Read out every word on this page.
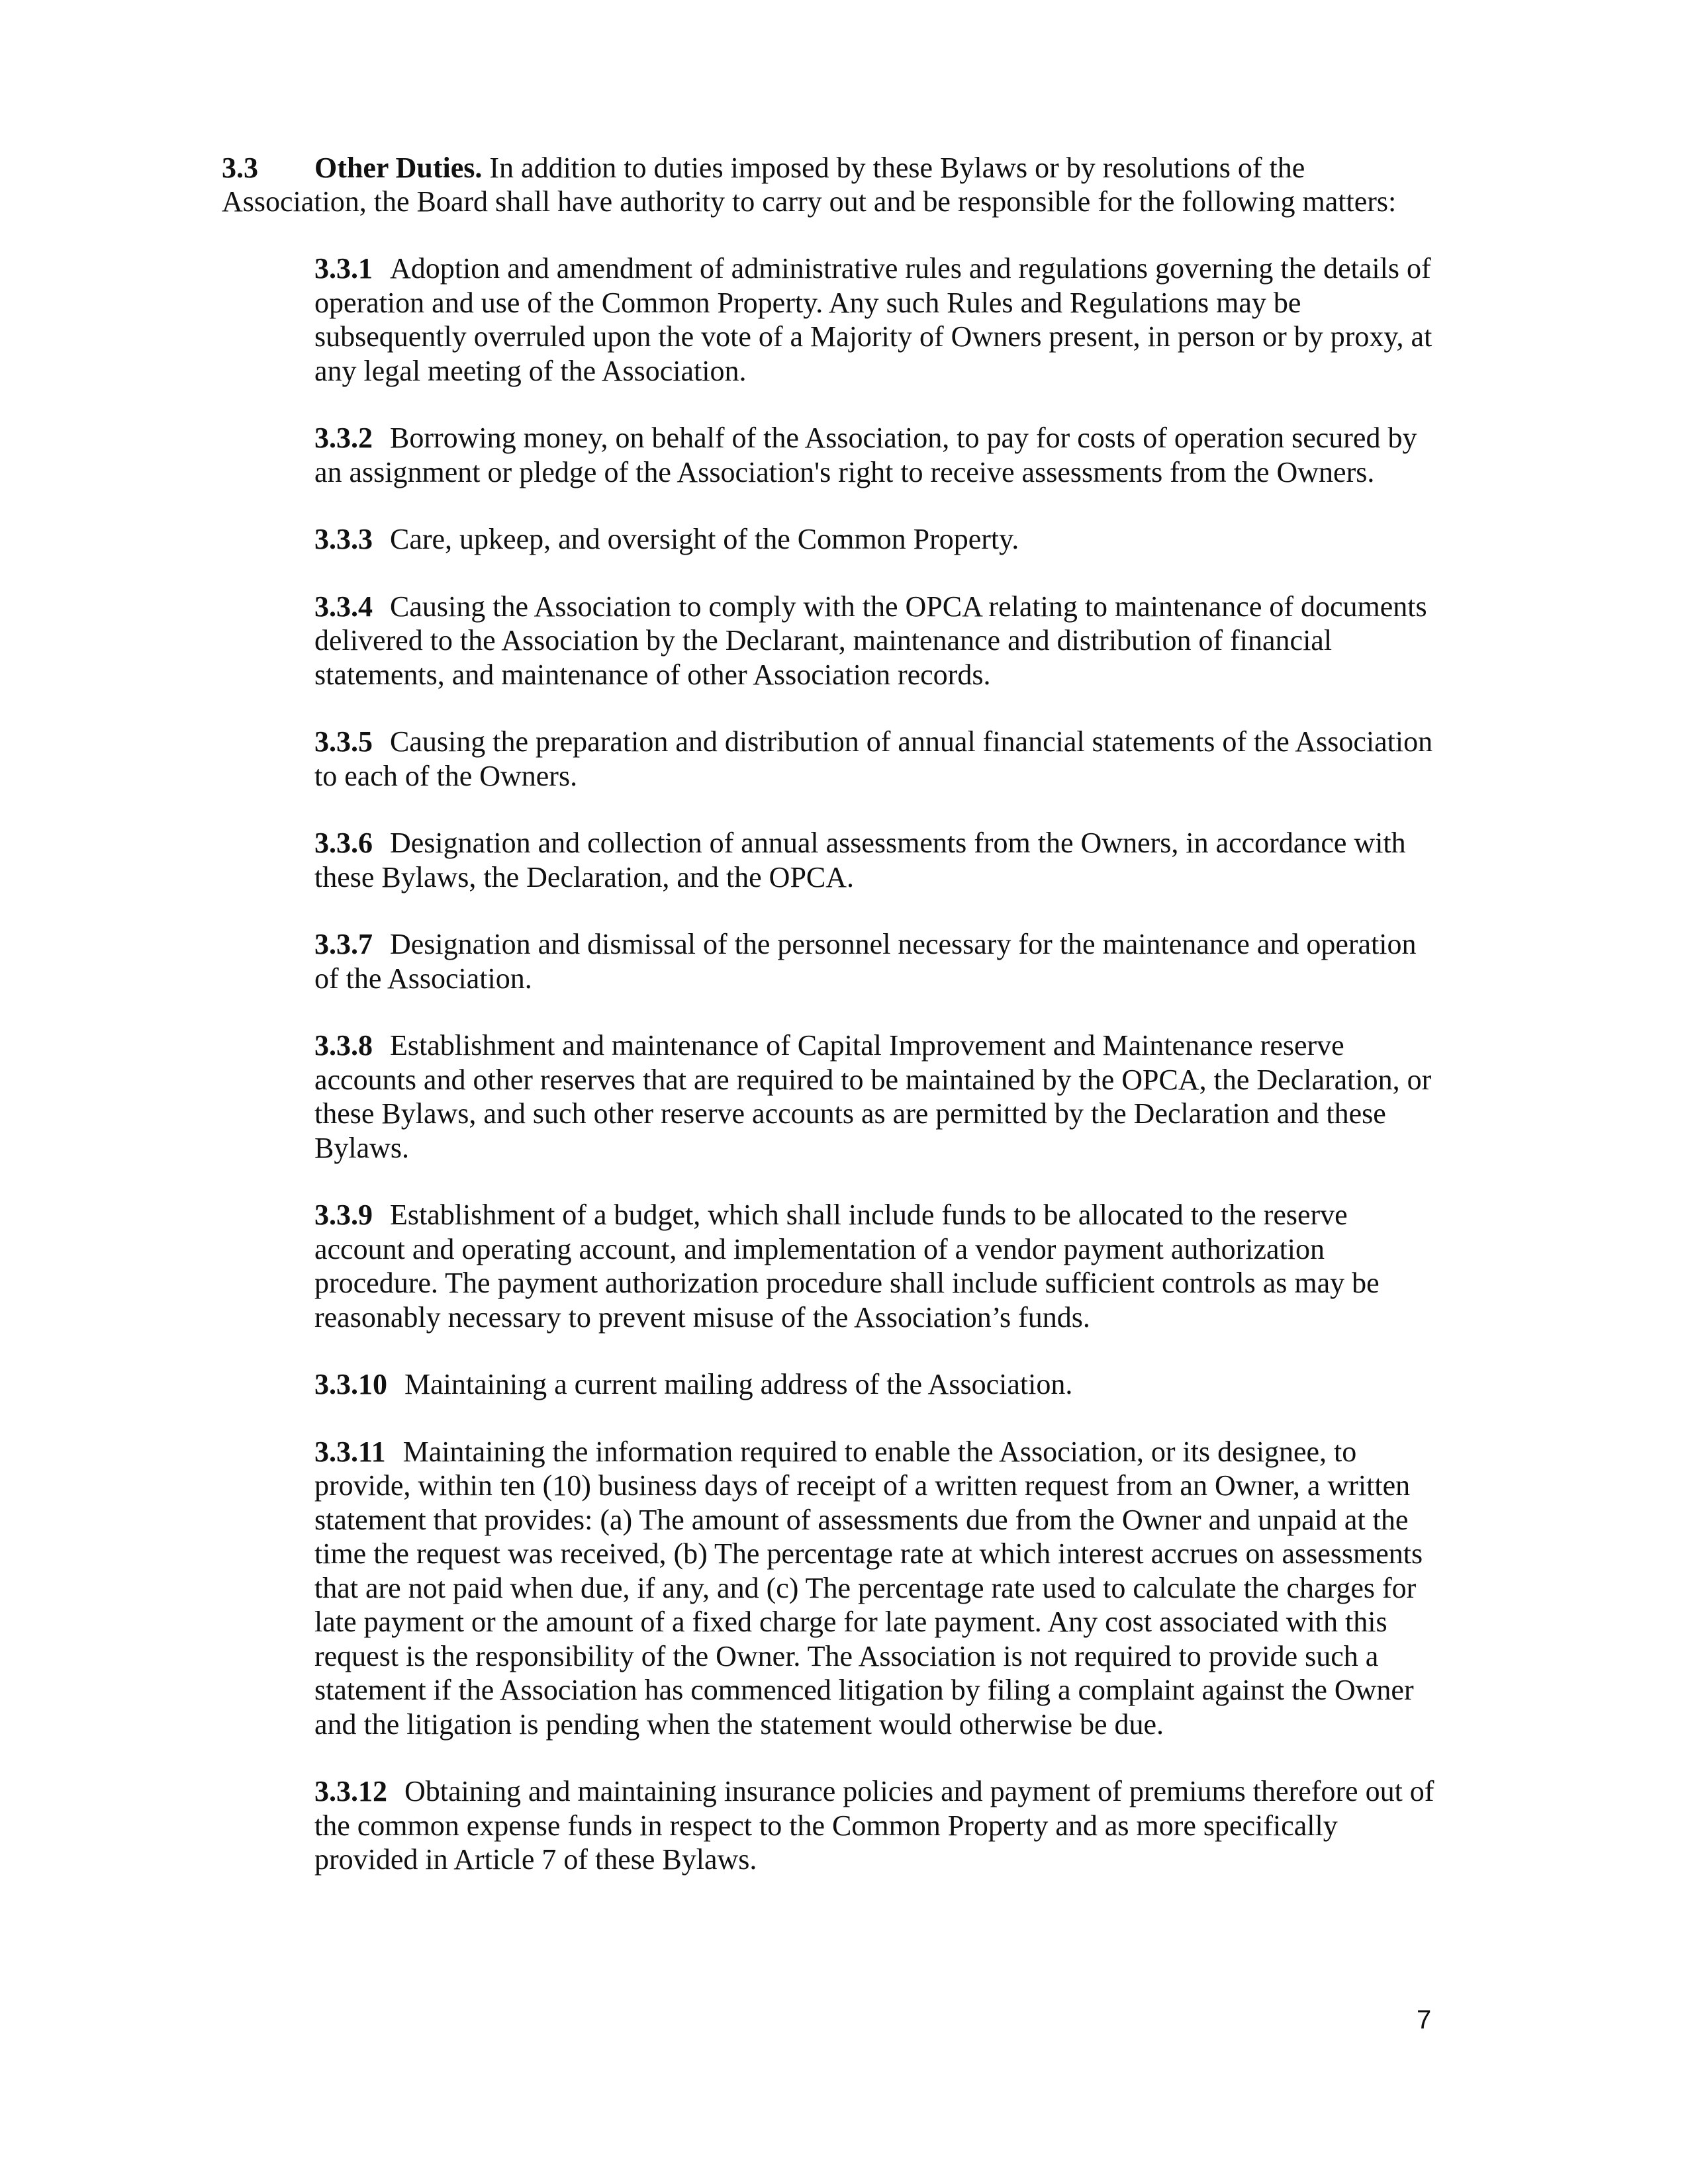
3.3 Other Duties. In addition to duties imposed by these Bylaws or by resolutions of the Association, the Board shall have authority to carry out and be responsible for the following matters:

3.3.1 Adoption and amendment of administrative rules and regulations governing the details of operation and use of the Common Property. Any such Rules and Regulations may be subsequently overruled upon the vote of a Majority of Owners present, in person or by proxy, at any legal meeting of the Association.

3.3.2 Borrowing money, on behalf of the Association, to pay for costs of operation secured by an assignment or pledge of the Association's right to receive assessments from the Owners.

3.3.3 Care, upkeep, and oversight of the Common Property.

3.3.4 Causing the Association to comply with the OPCA relating to maintenance of documents delivered to the Association by the Declarant, maintenance and distribution of financial statements, and maintenance of other Association records.

3.3.5 Causing the preparation and distribution of annual financial statements of the Association to each of the Owners.

3.3.6 Designation and collection of annual assessments from the Owners, in accordance with these Bylaws, the Declaration, and the OPCA.

3.3.7 Designation and dismissal of the personnel necessary for the maintenance and operation of the Association.

3.3.8 Establishment and maintenance of Capital Improvement and Maintenance reserve accounts and other reserves that are required to be maintained by the OPCA, the Declaration, or these Bylaws, and such other reserve accounts as are permitted by the Declaration and these Bylaws.

3.3.9 Establishment of a budget, which shall include funds to be allocated to the reserve account and operating account, and implementation of a vendor payment authorization procedure. The payment authorization procedure shall include sufficient controls as may be reasonably necessary to prevent misuse of the Association’s funds.

3.3.10 Maintaining a current mailing address of the Association.

3.3.11 Maintaining the information required to enable the Association, or its designee, to provide, within ten (10) business days of receipt of a written request from an Owner, a written statement that provides: (a) The amount of assessments due from the Owner and unpaid at the time the request was received, (b) The percentage rate at which interest accrues on assessments that are not paid when due, if any, and (c) The percentage rate used to calculate the charges for late payment or the amount of a fixed charge for late payment. Any cost associated with this request is the responsibility of the Owner. The Association is not required to provide such a statement if the Association has commenced litigation by filing a complaint against the Owner and the litigation is pending when the statement would otherwise be due.

3.3.12 Obtaining and maintaining insurance policies and payment of premiums therefore out of the common expense funds in respect to the Common Property and as more specifically provided in Article 7 of these Bylaws.

7
